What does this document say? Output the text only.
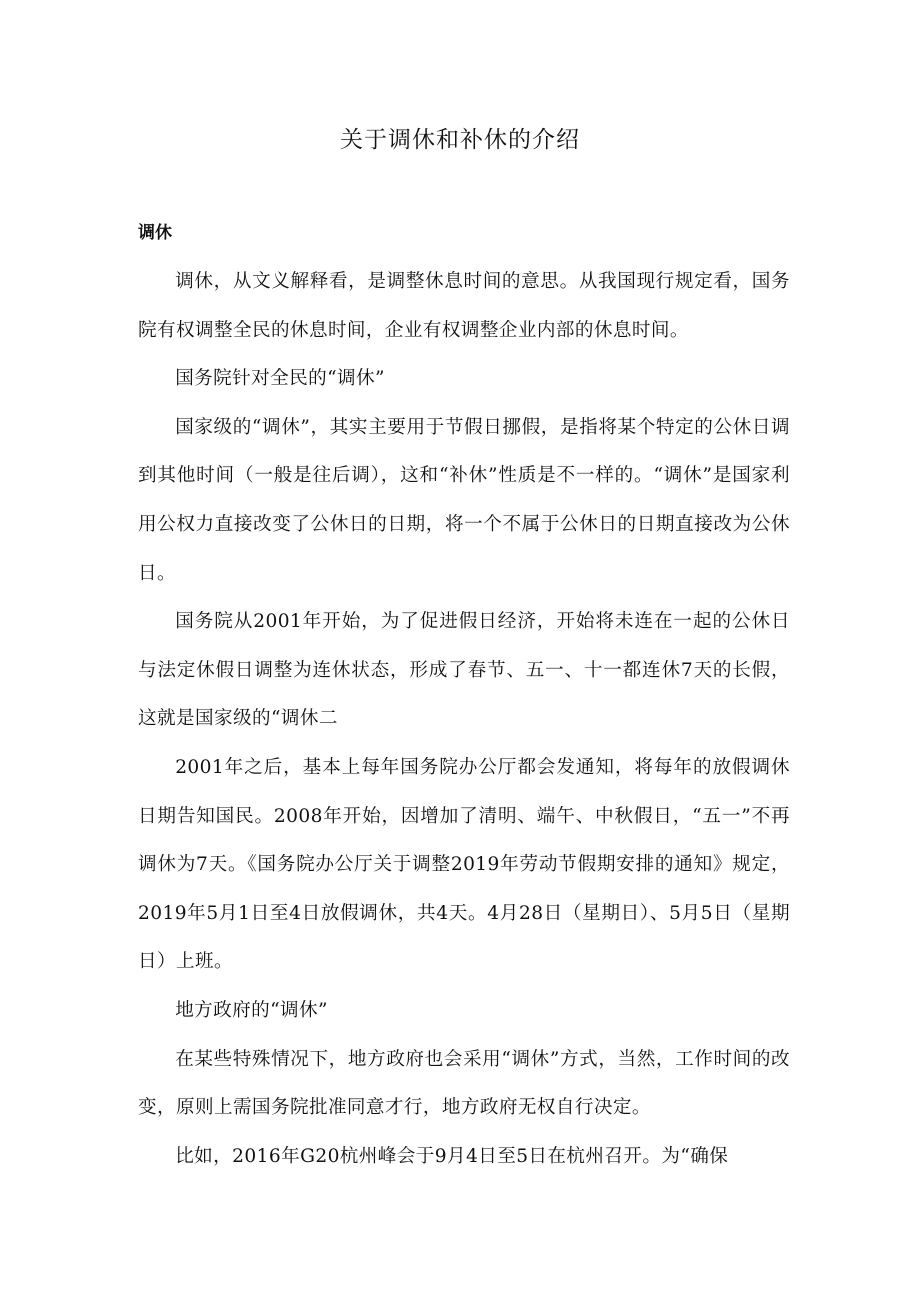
关于调休和补休的介绍
调休

调休，从文义解释看，是调整休息时间的意思。从我国现行规定看，国务院有权调整全民的休息时间，企业有权调整企业内部的休息时间。

国务院针对全民的“调休”

国家级的“调休”，其实主要用于节假日挪假，是指将某个特定的公休日调到其他时间（一般是往后调），这和“补休”性质是不一样的。“调休”是国家利用公权力直接改变了公休日的日期，将一个不属于公休日的日期直接改为公休日。

国务院从2001年开始，为了促进假日经济，开始将未连在一起的公休日与法定休假日调整为连休状态，形成了春节、五一、十一都连休7天的长假，这就是国家级的“调休二

2001年之后，基本上每年国务院办公厅都会发通知，将每年的放假调休日期告知国民。2008年开始，因增加了清明、端午、中秋假日，“五一”不再调休为7天。《国务院办公厅关于调整2019年劳动节假期安排的通知》规定，2019年5月1日至4日放假调休，共4天。4月28日（星期日）、5月5日（星期日）上班。

地方政府的“调休”

在某些特殊情况下，地方政府也会采用“调休”方式，当然，工作时间的改变，原则上需国务院批准同意才行，地方政府无权自行决定。

比如，2016年G20杭州峰会于9月4日至5日在杭州召开。为“确保
